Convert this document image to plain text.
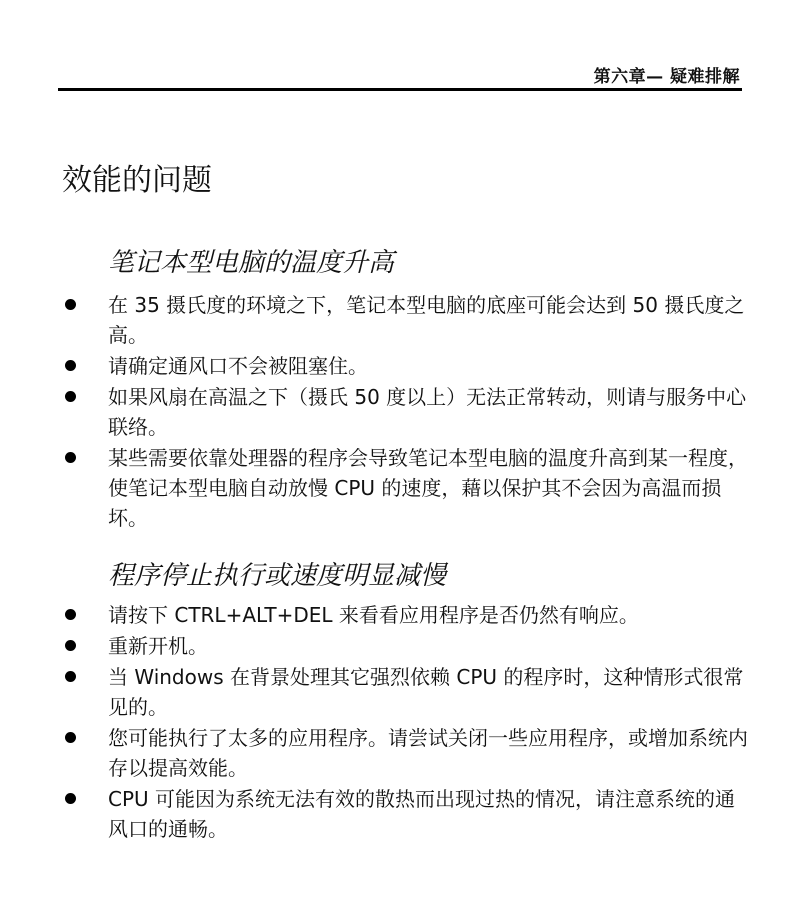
第六章— 疑难排解
效能的问题
笔记本型电脑的温度升高
在 35 摄氏度的环境之下，笔记本型电脑的底座可能会达到 50 摄氏度之高。
请确定通风口不会被阻塞住。
如果风扇在高温之下（摄氏 50 度以上）无法正常转动，则请与服务中心联络。
某些需要依靠处理器的程序会导致笔记本型电脑的温度升高到某一程度，使笔记本型电脑自动放慢 CPU 的速度，藉以保护其不会因为高温而损坏。
程序停止执行或速度明显减慢
请按下 CTRL+ALT+DEL 来看看应用程序是否仍然有响应。
重新开机。
当 Windows 在背景处理其它强烈依赖 CPU 的程序时，这种情形式很常见的。
您可能执行了太多的应用程序。请尝试关闭一些应用程序，或增加系统内存以提高效能。
CPU 可能因为系统无法有效的散热而出现过热的情况，请注意系统的通风口的通畅。
